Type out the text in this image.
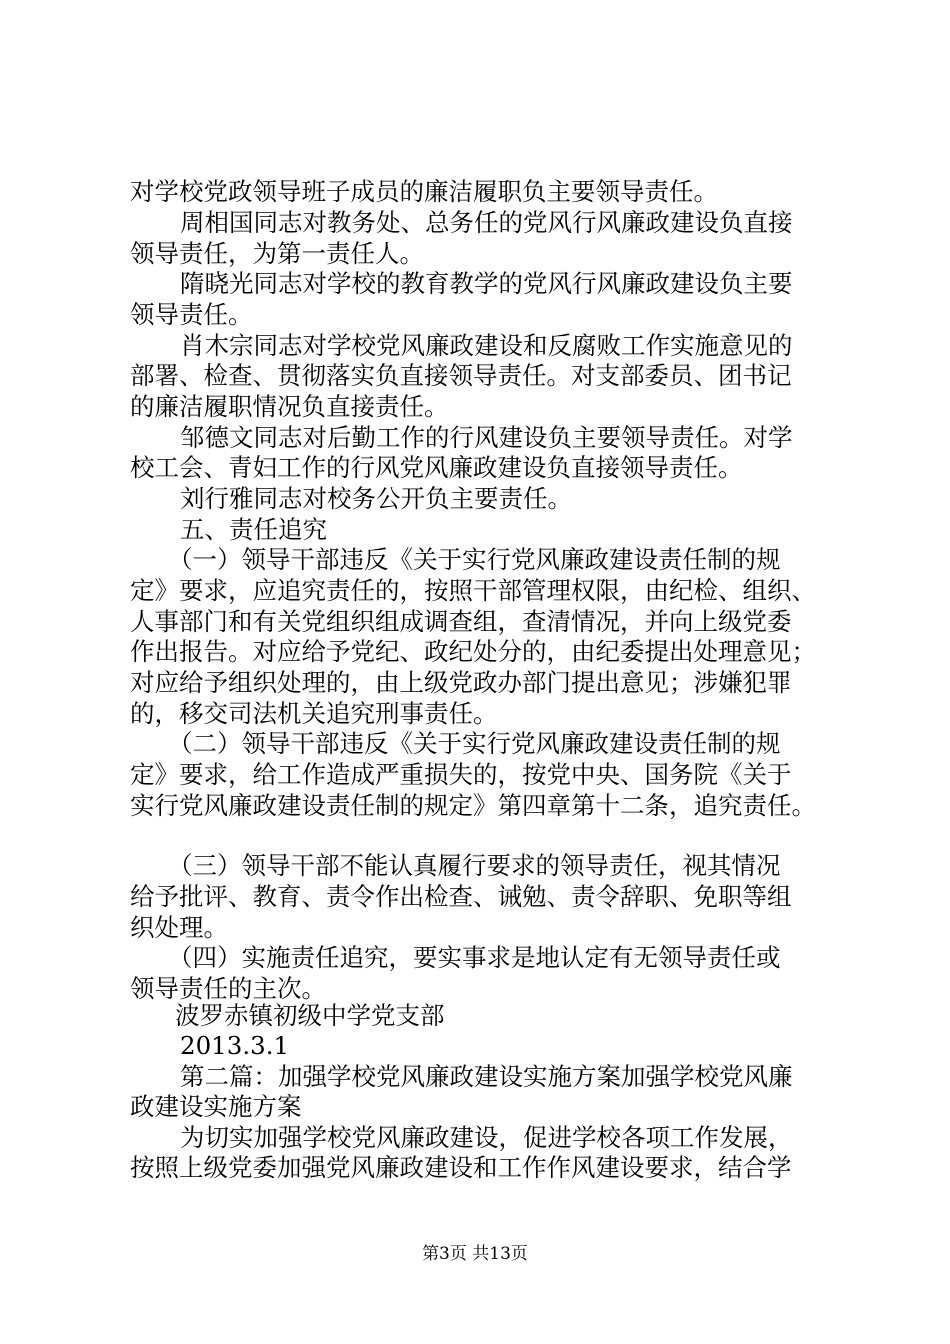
对学校党政领导班子成员的廉洁履职负主要领导责任。
周相国同志对教务处、总务任的党风行风廉政建设负直接
领导责任，为第一责任人。
隋晓光同志对学校的教育教学的党风行风廉政建设负主要
领导责任。
肖木宗同志对学校党风廉政建设和反腐败工作实施意见的
部署、检查、贯彻落实负直接领导责任。对支部委员、团书记
的廉洁履职情况负直接责任。
邹德文同志对后勤工作的行风建设负主要领导责任。对学
校工会、青妇工作的行风党风廉政建设负直接领导责任。
刘行雅同志对校务公开负主要责任。
五、责任追究
（一）领导干部违反《关于实行党风廉政建设责任制的规
定》要求，应追究责任的，按照干部管理权限，由纪检、组织、
人事部门和有关党组织组成调查组，查清情况，并向上级党委
作出报告。对应给予党纪、政纪处分的，由纪委提出处理意见；
对应给予组织处理的，由上级党政办部门提出意见；涉嫌犯罪
的，移交司法机关追究刑事责任。
（二）领导干部违反《关于实行党风廉政建设责任制的规
定》要求，给工作造成严重损失的，按党中央、国务院《关于
实行党风廉政建设责任制的规定》第四章第十二条，追究责任。
（三）领导干部不能认真履行要求的领导责任，视其情况
给予批评、教育、责令作出检查、诫勉、责令辞职、免职等组
织处理。
（四）实施责任追究，要实事求是地认定有无领导责任或
领导责任的主次。
波罗赤镇初级中学党支部
2013.3.1
第二篇：加强学校党风廉政建设实施方案加强学校党风廉
政建设实施方案
为切实加强学校党风廉政建设，促进学校各项工作发展，
按照上级党委加强党风廉政建设和工作作风建设要求，结合学
第3页 共13页
